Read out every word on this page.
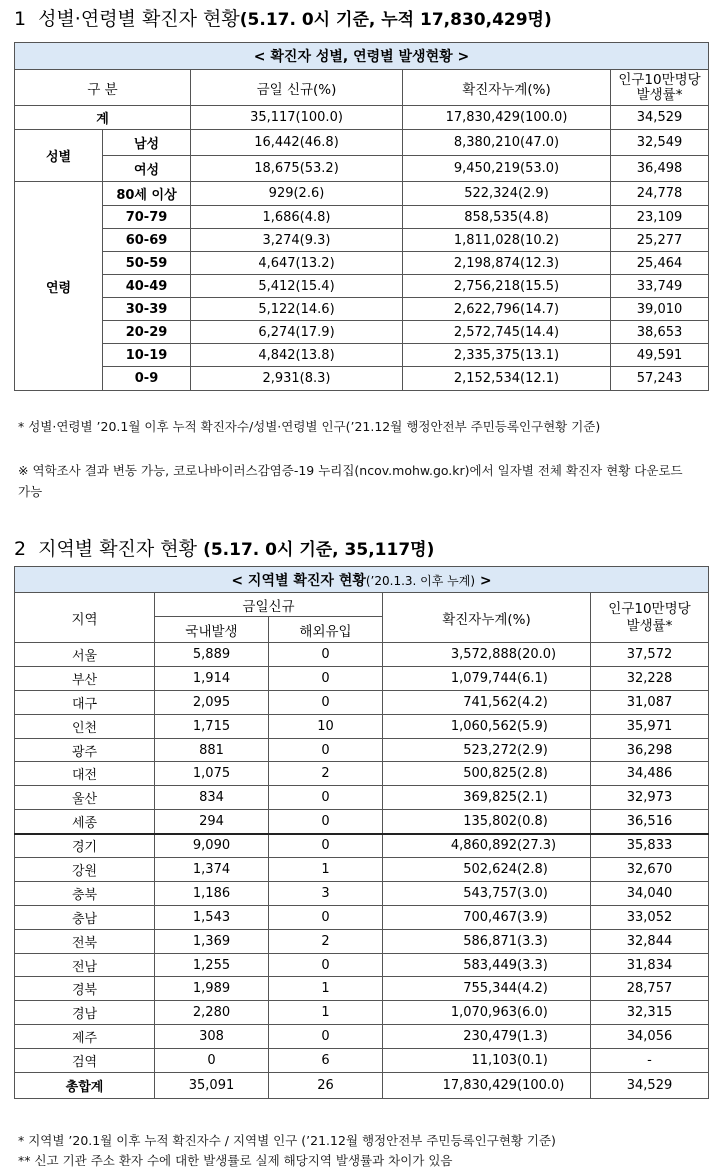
1 성별·연령별 확진자 현황(5.17. 0시 기준, 누적 17,830,429명)
< 확진자 성별, 연령별 발생현황 >				
구 분		금일 신규(%)	확진자누계(%)	인구10만명당
발생률*
계		35,117(100.0)	17,830,429(100.0)	34,529
성별	남성	16,442(46.8)	8,380,210(47.0)	32,549
	여성	18,675(53.2)	9,450,219(53.0)	36,498
연령	80세 이상	929(2.6)	522,324(2.9)	24,778
	70-79	1,686(4.8)	858,535(4.8)	23,109
	60-69	3,274(9.3)	1,811,028(10.2)	25,277
	50-59	4,647(13.2)	2,198,874(12.3)	25,464
	40-49	5,412(15.4)	2,756,218(15.5)	33,749
	30-39	5,122(14.6)	2,622,796(14.7)	39,010
	20-29	6,274(17.9)	2,572,745(14.4)	38,653
	10-19	4,842(13.8)	2,335,375(13.1)	49,591
	0-9	2,931(8.3)	2,152,534(12.1)	57,243
* 성별·연령별 ’20.1월 이후 누적 확진자수/성별·연령별 인구(’21.12월 행정안전부 주민등록인구현황 기준)
※ 역학조사 결과 변동 가능, 코로나바이러스감염증-19 누리집(ncov.mohw.go.kr)에서 일자별 전체 확진자 현황 다운로드 가능
2 지역별 확진자 현황 (5.17. 0시 기준, 35,117명)
< 지역별 확진자 현황(’20.1.3. 이후 누계) >				
지역	금일신규		확진자누계(%)	인구10만명당
발생률*
	국내발생	해외유입		
서울	5,889	0	3,572,888(20.0)	37,572
부산	1,914	0	1,079,744(6.1)	32,228
대구	2,095	0	741,562(4.2)	31,087
인천	1,715	10	1,060,562(5.9)	35,971
광주	881	0	523,272(2.9)	36,298
대전	1,075	2	500,825(2.8)	34,486
울산	834	0	369,825(2.1)	32,973
세종	294	0	135,802(0.8)	36,516
경기	9,090	0	4,860,892(27.3)	35,833
강원	1,374	1	502,624(2.8)	32,670
충북	1,186	3	543,757(3.0)	34,040
충남	1,543	0	700,467(3.9)	33,052
전북	1,369	2	586,871(3.3)	32,844
전남	1,255	0	583,449(3.3)	31,834
경북	1,989	1	755,344(4.2)	28,757
경남	2,280	1	1,070,963(6.0)	32,315
제주	308	0	230,479(1.3)	34,056
검역	0	6	11,103(0.1)	-
총합계	35,091	26	17,830,429(100.0)	34,529
* 지역별 ’20.1월 이후 누적 확진자수 / 지역별 인구 (’21.12월 행정안전부 주민등록인구현황 기준)
** 신고 기관 주소 환자 수에 대한 발생률로 실제 해당지역 발생률과 차이가 있음
